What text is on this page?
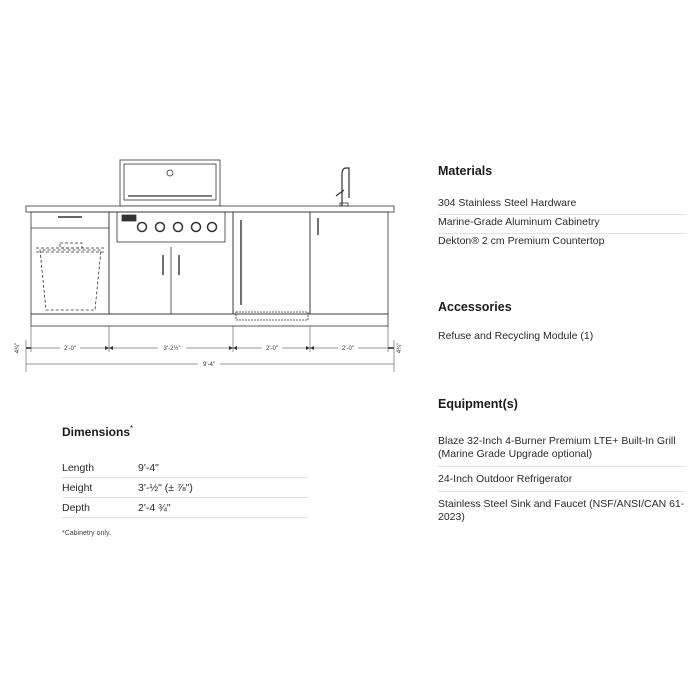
2'-0"	3'-2½"	2'-0"	2'-0"
9'-4"
4¾"	4¾"
Materials
304 Stainless Steel Hardware
Marine-Grade Aluminum Cabinetry
Dekton® 2 cm Premium Countertop
Accessories
Refuse and Recycling Module (1)
Equipment(s)
Blaze 32-Inch 4-Burner Premium LTE+ Built-In Grill (Marine Grade Upgrade optional)
24-Inch Outdoor Refrigerator
Stainless Steel Sink and Faucet (NSF/ANSI/CAN 61-2023)
Dimensions*
Length	9'-4"
Height	3'-½" (± ⅞")
Depth	2'-4 ¾"
*Cabinetry only.
